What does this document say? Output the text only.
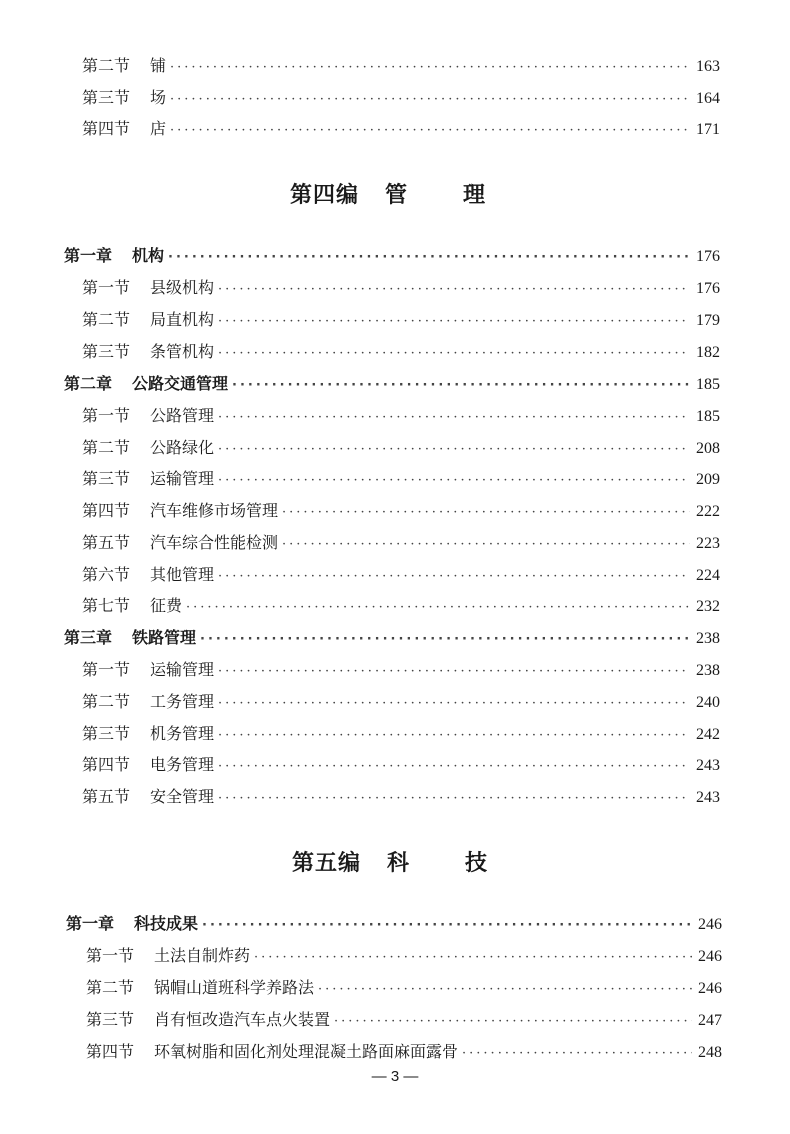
第二节 铺 ·····	163
第三节 场 ·····	164
第四节 店 ·····	171
第四编 管理
第一章 机构 ·····	176
第一节 县级机构 ·····	176
第二节 局直机构 ·····	179
第三节 条管机构 ·····	182
第二章 公路交通管理 ·····	185
第一节 公路管理 ·····	185
第二节 公路绿化 ·····	208
第三节 运输管理 ·····	209
第四节 汽车维修市场管理 ·····	222
第五节 汽车综合性能检测 ·····	223
第六节 其他管理 ·····	224
第七节 征费 ·····	232
第三章 铁路管理 ·····	238
第一节 运输管理 ·····	238
第二节 工务管理 ·····	240
第三节 机务管理 ·····	242
第四节 电务管理 ·····	243
第五节 安全管理 ·····	243
第五编 科技
第一章 科技成果 ·····	246
第一节 土法自制炸药 ·····	246
第二节 锅帽山道班科学养路法 ·····	246
第三节 肖有恒改造汽车点火装置 ·····	247
第四节 环氧树脂和固化剂处理混凝土路面麻面露骨 ·····	248
— 3 —
